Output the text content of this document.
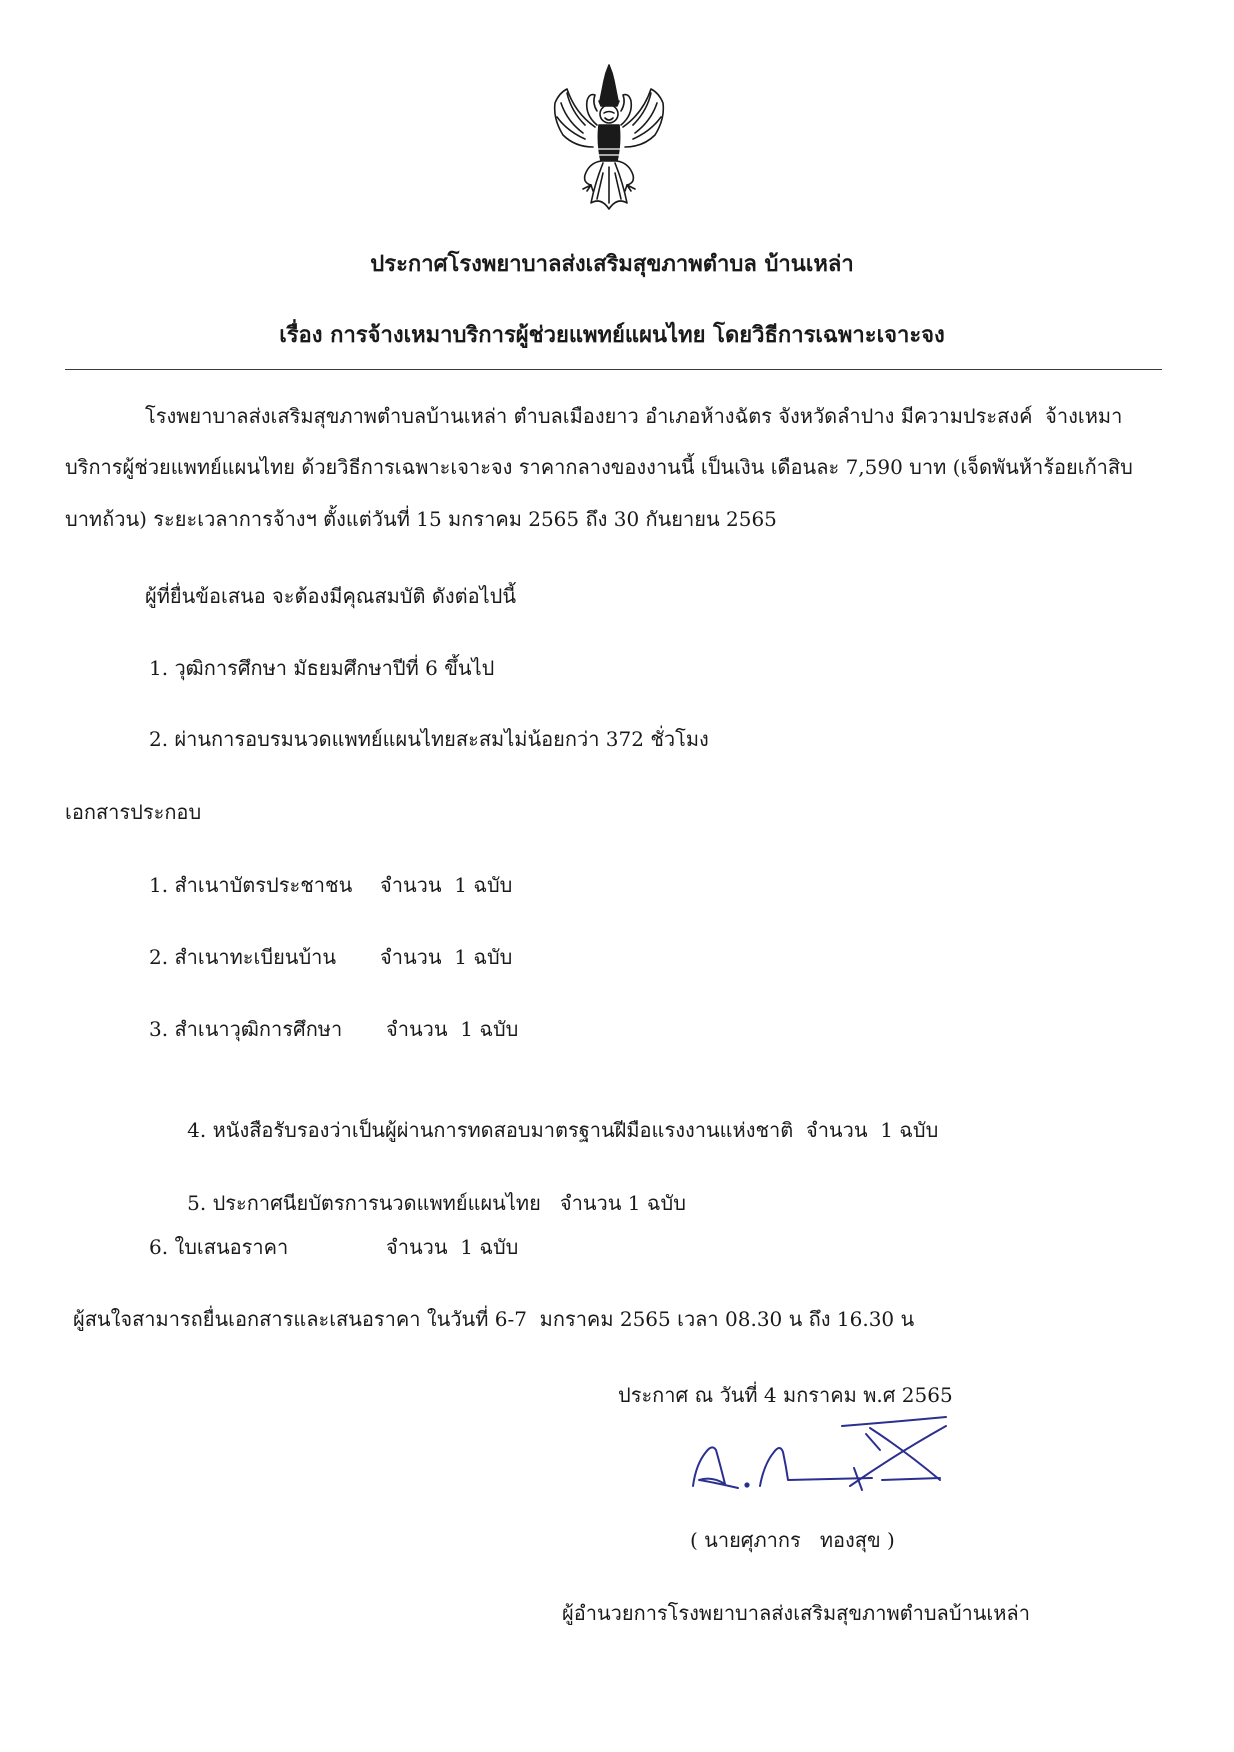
ประกาศโรงพยาบาลส่งเสริมสุขภาพตำบล บ้านเหล่า
เรื่อง การจ้างเหมาบริการผู้ช่วยแพทย์แผนไทย โดยวิธีการเฉพาะเจาะจง

โรงพยาบาลส่งเสริมสุขภาพตำบลบ้านเหล่า ตำบลเมืองยาว อำเภอห้างฉัตร จังหวัดลำปาง มีความประสงค์  จ้างเหมา

บริการผู้ช่วยแพทย์แผนไทย ด้วยวิธีการเฉพาะเจาะจง ราคากลางของงานนี้ เป็นเงิน เดือนละ 7,590 บาท (เจ็ดพันห้าร้อยเก้าสิบ

บาทถ้วน) ระยะเวลาการจ้างฯ ตั้งแต่วันที่ 15 มกราคม 2565 ถึง 30 กันยายน 2565

ผู้ที่ยื่นข้อเสนอ จะต้องมีคุณสมบัติ ดังต่อไปนี้

1. วุฒิการศึกษา มัธยมศึกษาปีที่ 6 ขึ้นไป

2. ผ่านการอบรมนวดแพทย์แผนไทยสะสมไม่น้อยกว่า 372 ชั่วโมง

เอกสารประกอบ

1. สำเนาบัตรประชาชน จำนวน  1 ฉบับ
2. สำเนาทะเบียนบ้าน จำนวน  1 ฉบับ
3. สำเนาวุฒิการศึกษา จำนวน  1 ฉบับ

4. หนังสือรับรองว่าเป็นผู้ผ่านการทดสอบมาตรฐานฝีมือแรงงานแห่งชาติ จำนวน  1 ฉบับ

5. ประกาศนียบัตรการนวดแพทย์แผนไทย จำนวน 1 ฉบับ

6. ใบเสนอราคา	จำนวน  1 ฉบับ

ผู้สนใจสามารถยื่นเอกสารและเสนอราคา ในวันที่ 6-7  มกราคม 2565 เวลา 08.30 น ถึง 16.30 น

ประกาศ ณ วันที่ 4 มกราคม พ.ศ 2565

( นายศุภากร   ทองสุข )

ผู้อำนวยการโรงพยาบาลส่งเสริมสุขภาพตำบลบ้านเหล่า
